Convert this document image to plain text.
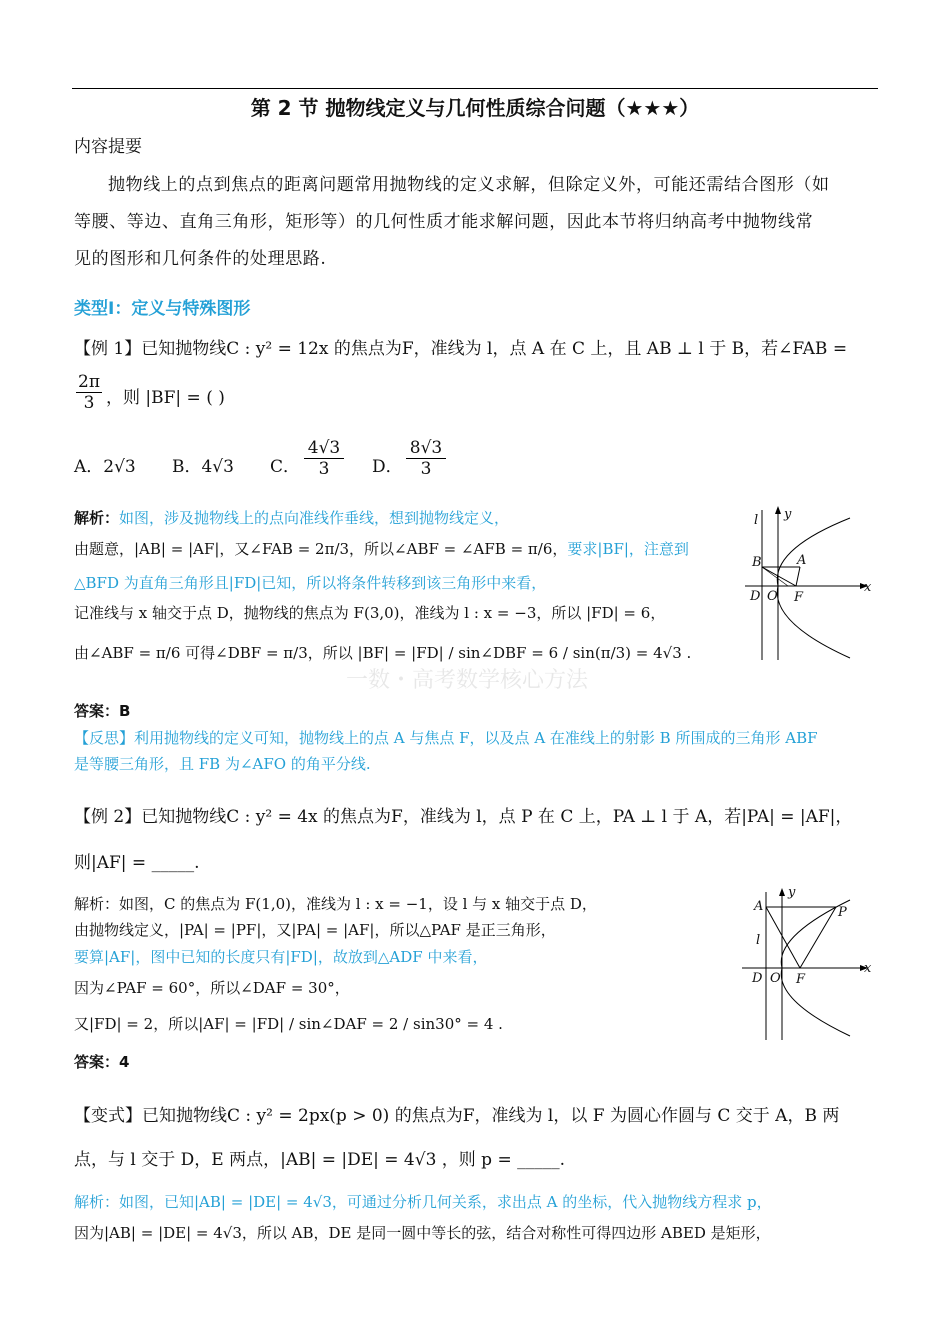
第 2 节 抛物线定义与几何性质综合问题（★★★）
内容提要
抛物线上的点到焦点的距离问题常用抛物线的定义求解，但除定义外，可能还需结合图形（如
等腰、等边、直角三角形，矩形等）的几何性质才能求解问题，因此本节将归纳高考中抛物线常
见的图形和几何条件的处理思路.
类型Ⅰ：定义与特殊图形
【例 1】已知抛物线C : y² = 12x 的焦点为F，准线为 l，点 A 在 C 上，且 AB ⊥ l 于 B，若∠FAB =
$\frac{2\pi}{3}$ ，则 |BF| = ( )
A．2√3 B．4√3 C． $\frac{4√3}{3}$ D． $\frac{8√3}{3}$
解析：如图，涉及抛物线上的点向准线作垂线，想到抛物线定义，
由题意，|AB| = |AF|，又∠FAB = 2π/3，所以∠ABF = ∠AFB = π/6，要求|BF|，注意到
△BFD 为直角三角形且|FD|已知，所以将条件转移到该三角形中来看，
记准线与 x 轴交于点 D，抛物线的焦点为 F(3,0)，准线为 l : x = −3，所以 |FD| = 6，
由∠ABF = π/6 可得∠DBF = π/3，所以 |BF| = |FD| / sin∠DBF = 6 / sin(π/3) = 4√3 .
一数・高考数学核心方法
答案：B
【反思】利用抛物线的定义可知，抛物线上的点 A 与焦点 F，以及点 A 在准线上的射影 B 所围成的三角形 ABF
是等腰三角形，且 FB 为∠AFO 的角平分线.
l y
B	A
x
D O F
【例 2】已知抛物线C : y² = 4x 的焦点为F，准线为 l，点 P 在 C 上，PA ⊥ l 于 A，若|PA| = |AF|，
则|AF| = _____.
解析：如图，C 的焦点为 F(1,0)，准线为 l : x = −1，设 l 与 x 轴交于点 D，
由抛物线定义，|PA| = |PF|，又|PA| = |AF|，所以△PAF 是正三角形，
要算|AF|，图中已知的长度只有|FD|，故放到△ADF 中来看，
因为∠PAF = 60°，所以∠DAF = 30°，
又|FD| = 2，所以|AF| = |FD| / sin∠DAF = 2 / sin30° = 4 .
答案：4
A
y
P
l
x
D O F
【变式】已知抛物线C : y² = 2px(p > 0) 的焦点为F，准线为 l，以 F 为圆心作圆与 C 交于 A，B 两
点，与 l 交于 D，E 两点，|AB| = |DE| = 4√3 ，则 p = _____.
解析：如图，已知|AB| = |DE| = 4√3，可通过分析几何关系，求出点 A 的坐标，代入抛物线方程求 p，
因为|AB| = |DE| = 4√3，所以 AB，DE 是同一圆中等长的弦，结合对称性可得四边形 ABED 是矩形，
